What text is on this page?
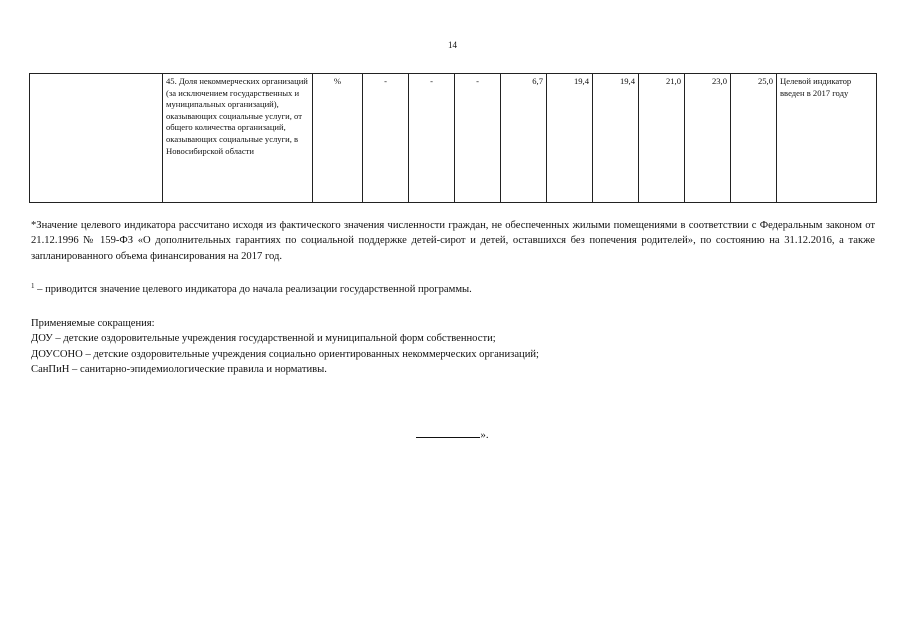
14
	45. Доля некоммерческих организаций (за исключением государственных и муниципальных организаций), оказывающих социальные услуги, от общего количества организаций, оказывающих социальные услуги, в Новосибирской области	%	-	-	-	6,7	19,4	19,4	21,0	23,0	25,0	Целевой индикатор введен в 2017 году

*Значение целевого индикатора рассчитано исходя из фактического значения численности граждан, не обеспеченных жилыми помещениями в соответствии с Федеральным законом от 21.12.1996 № 159-ФЗ «О дополнительных гарантиях по социальной поддержке детей-сирот и детей, оставшихся без попечения родителей», по состоянию на 31.12.2016, а также запланированного объема финансирования на 2017 год.

$^1$ – приводится значение целевого индикатора до начала реализации государственной программы.

Применяемые сокращения:

ДОУ – детские оздоровительные учреждения государственной и муниципальной форм собственности;

ДОУСОНО – детские оздоровительные учреждения социально ориентированных некоммерческих организаций;

СанПиН – санитарно-эпидемиологические правила и нормативы.

».
